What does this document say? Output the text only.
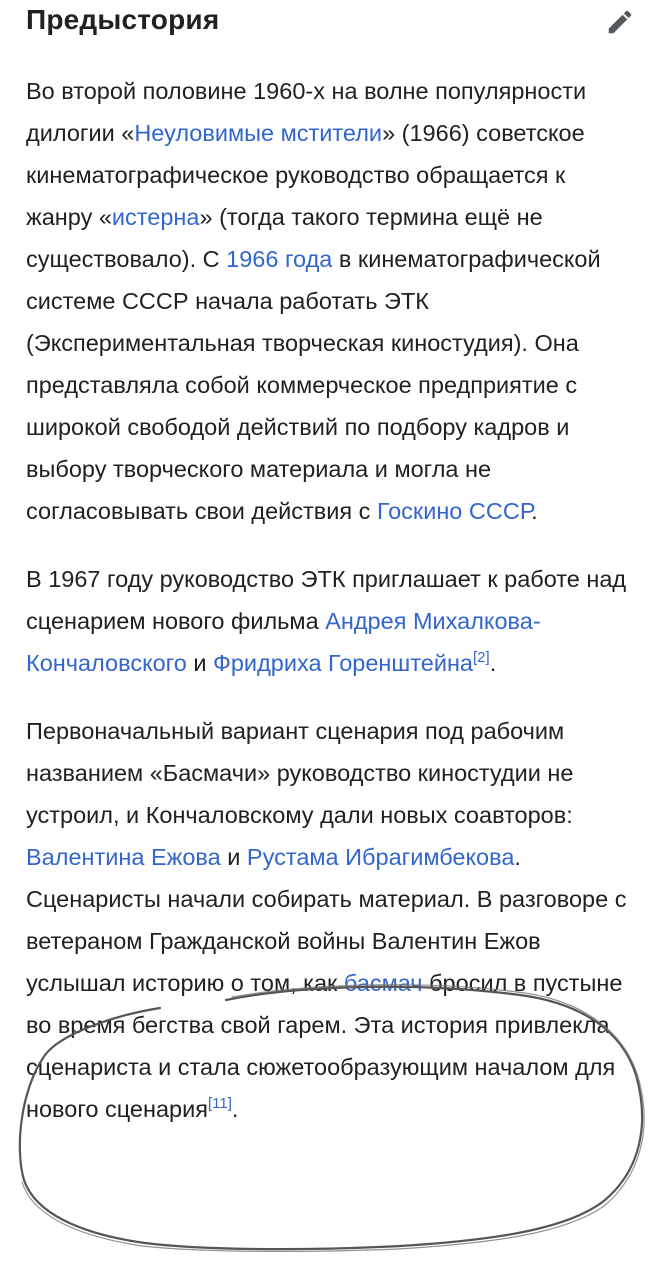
Предыстория

Во второй половине 1960-х на волне популярности дилогии «Неуловимые мстители» (1966) советское кинематографическое руководство обращается к жанру «истерна» (тогда такого термина ещё не существовало). С 1966 года в кинематографической системе СССР начала работать ЭТК (Экспериментальная творческая киностудия). Она представляла собой коммерческое предприятие с широкой свободой действий по подбору кадров и выбору творческого материала и могла не согласовывать свои действия с Госкино СССР.

В 1967 году руководство ЭТК приглашает к работе над сценарием нового фильма Андрея Михалкова-Кончаловского и Фридриха Горенштейна[2].

Первоначальный вариант сценария под рабочим названием «Басмачи» руководство киностудии не устроил, и Кончаловскому дали новых соавторов: Валентина Ежова и Рустама Ибрагимбекова. Сценаристы начали собирать материал. В разговоре с ветераном Гражданской войны Валентин Ежов услышал историю о том, как басмач бросил в пустыне во время бегства свой гарем. Эта история привлекла сценариста и стала сюжетообразующим началом для нового сценария[11].
